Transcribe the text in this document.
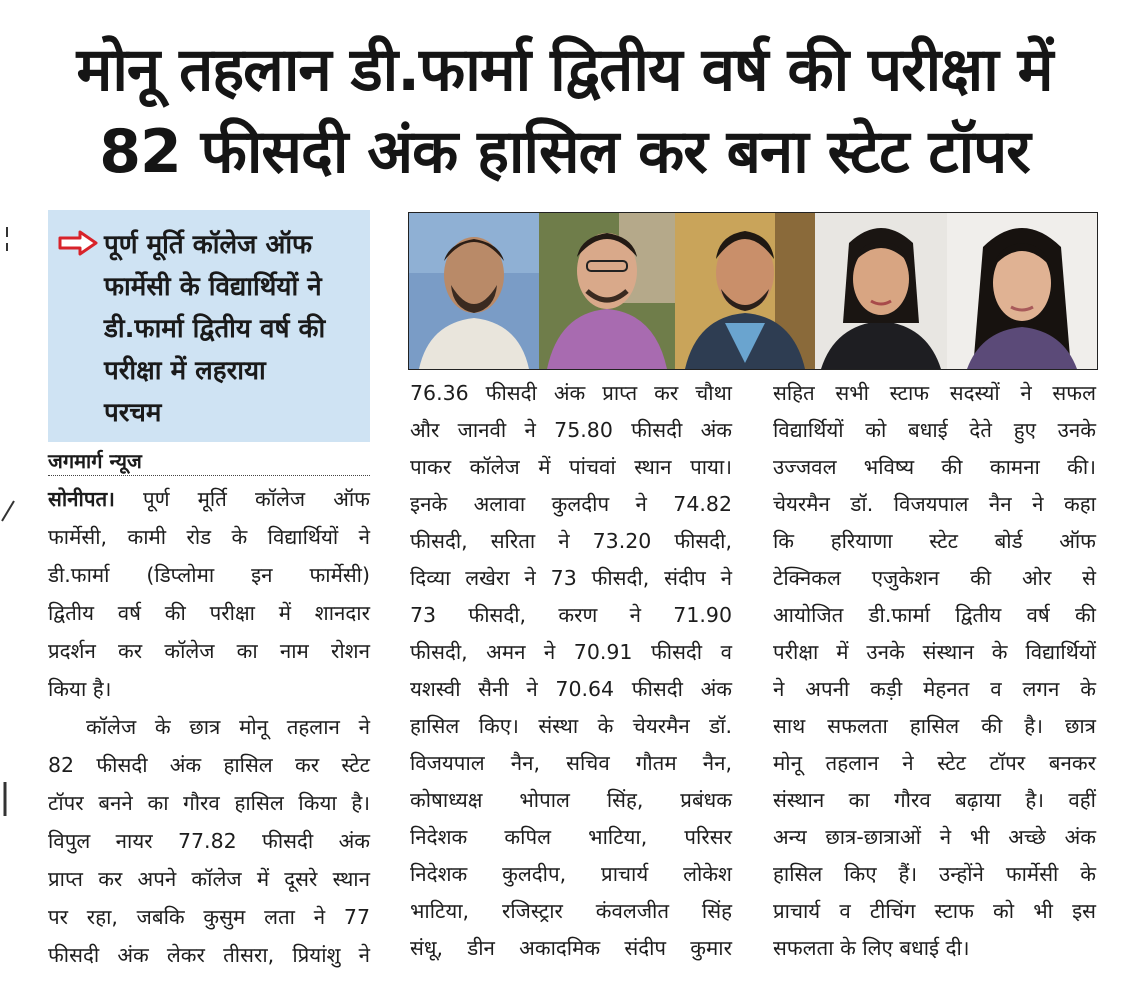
मोनू तहलान डी.फार्मा द्वितीय वर्ष की परीक्षा में
82 फीसदी अंक हासिल कर बना स्टेट टॉपर
पूर्ण मूर्ति कॉलेज ऑफ
फार्मेसी के विद्यार्थियों ने
डी.फार्मा द्वितीय वर्ष की
परीक्षा में लहराया
परचम
जगमार्ग न्यूज
सोनीपत। पूर्ण मूर्ति कॉलेज ऑफ
फार्मेसी, कामी रोड के विद्यार्थियों ने
डी.फार्मा (डिप्लोमा इन फार्मेसी)
द्वितीय वर्ष की परीक्षा में शानदार
प्रदर्शन कर कॉलेज का नाम रोशन
किया है।
कॉलेज के छात्र मोनू तहलान ने
82 फीसदी अंक हासिल कर स्टेट
टॉपर बनने का गौरव हासिल किया है।
विपुल नायर 77.82 फीसदी अंक
प्राप्त कर अपने कॉलेज में दूसरे स्थान
पर रहा, जबकि कुसुम लता ने 77
फीसदी अंक लेकर तीसरा, प्रियांशु ने
76.36 फीसदी अंक प्राप्त कर चौथा
और जानवी ने 75.80 फीसदी अंक
पाकर कॉलेज में पांचवां स्थान पाया।
इनके अलावा कुलदीप ने 74.82
फीसदी, सरिता ने 73.20 फीसदी,
दिव्या लखेरा ने 73 फीसदी, संदीप ने
73 फीसदी, करण ने 71.90
फीसदी, अमन ने 70.91 फीसदी व
यशस्वी सैनी ने 70.64 फीसदी अंक
हासिल किए। संस्था के चेयरमैन डॉ.
विजयपाल नैन, सचिव गौतम नैन,
कोषाध्यक्ष भोपाल सिंह, प्रबंधक
निदेशक कपिल भाटिया, परिसर
निदेशक कुलदीप, प्राचार्य लोकेश
भाटिया, रजिस्ट्रार कंवलजीत सिंह
संधू, डीन अकादमिक संदीप कुमार
सहित सभी स्टाफ सदस्यों ने सफल
विद्यार्थियों को बधाई देते हुए उनके
उज्जवल भविष्य की कामना की।
चेयरमैन डॉ. विजयपाल नैन ने कहा
कि हरियाणा स्टेट बोर्ड ऑफ
टेक्निकल एजुकेशन की ओर से
आयोजित डी.फार्मा द्वितीय वर्ष की
परीक्षा में उनके संस्थान के विद्यार्थियों
ने अपनी कड़ी मेहनत व लगन के
साथ सफलता हासिल की है। छात्र
मोनू तहलान ने स्टेट टॉपर बनकर
संस्थान का गौरव बढ़ाया है। वहीं
अन्य छात्र-छात्राओं ने भी अच्छे अंक
हासिल किए हैं। उन्होंने फार्मेसी के
प्राचार्य व टीचिंग स्टाफ को भी इस
सफलता के लिए बधाई दी।
